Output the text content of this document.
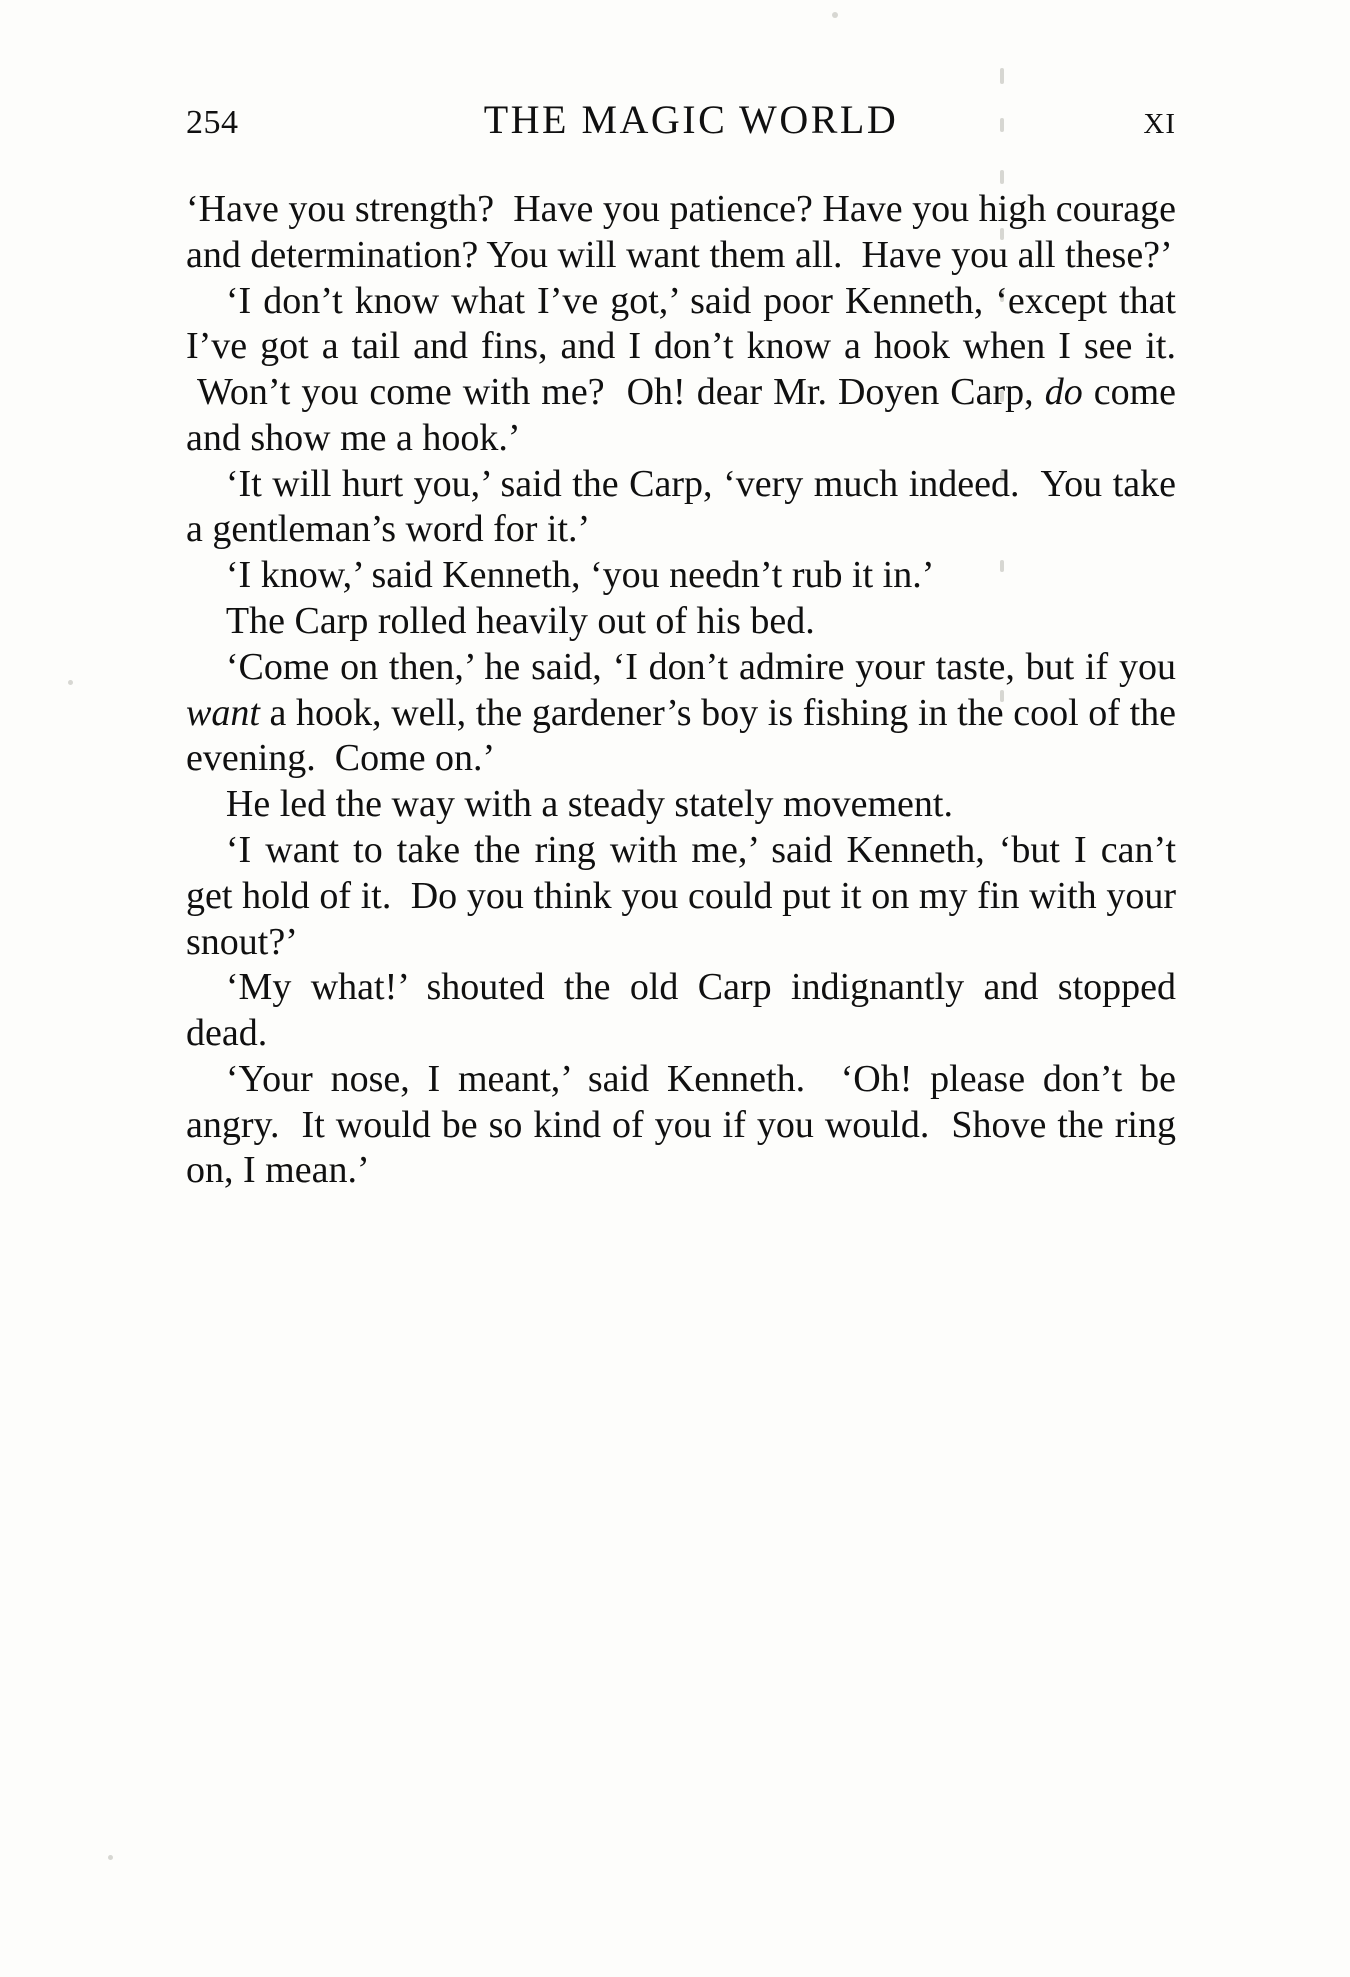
254	THE MAGIC WORLD	XI

‘Have you strength?  Have you patience? Have you high courage and determination? You will want them all.  Have you all these?’

‘I don’t know what I’ve got,’ said poor Kenneth, ‘except that I’ve got a tail and fins, and I don’t know a hook when I see it.  Won’t you come with me?  Oh! dear Mr. Doyen Carp, do come and show me a hook.’

‘It will hurt you,’ said the Carp, ‘very much indeed.  You take a gentleman’s word for it.’

‘I know,’ said Kenneth, ‘you needn’t rub it in.’

The Carp rolled heavily out of his bed.

‘Come on then,’ he said, ‘I don’t admire your taste, but if you want a hook, well, the gardener’s boy is fishing in the cool of the evening.  Come on.’

He led the way with a steady stately movement.

‘I want to take the ring with me,’ said Kenneth, ‘but I can’t get hold of it.  Do you think you could put it on my fin with your snout?’

‘My what!’ shouted the old Carp indignantly and stopped dead.

‘Your nose, I meant,’ said Kenneth.  ‘Oh! please don’t be angry.  It would be so kind of you if you would.  Shove the ring on, I mean.’
